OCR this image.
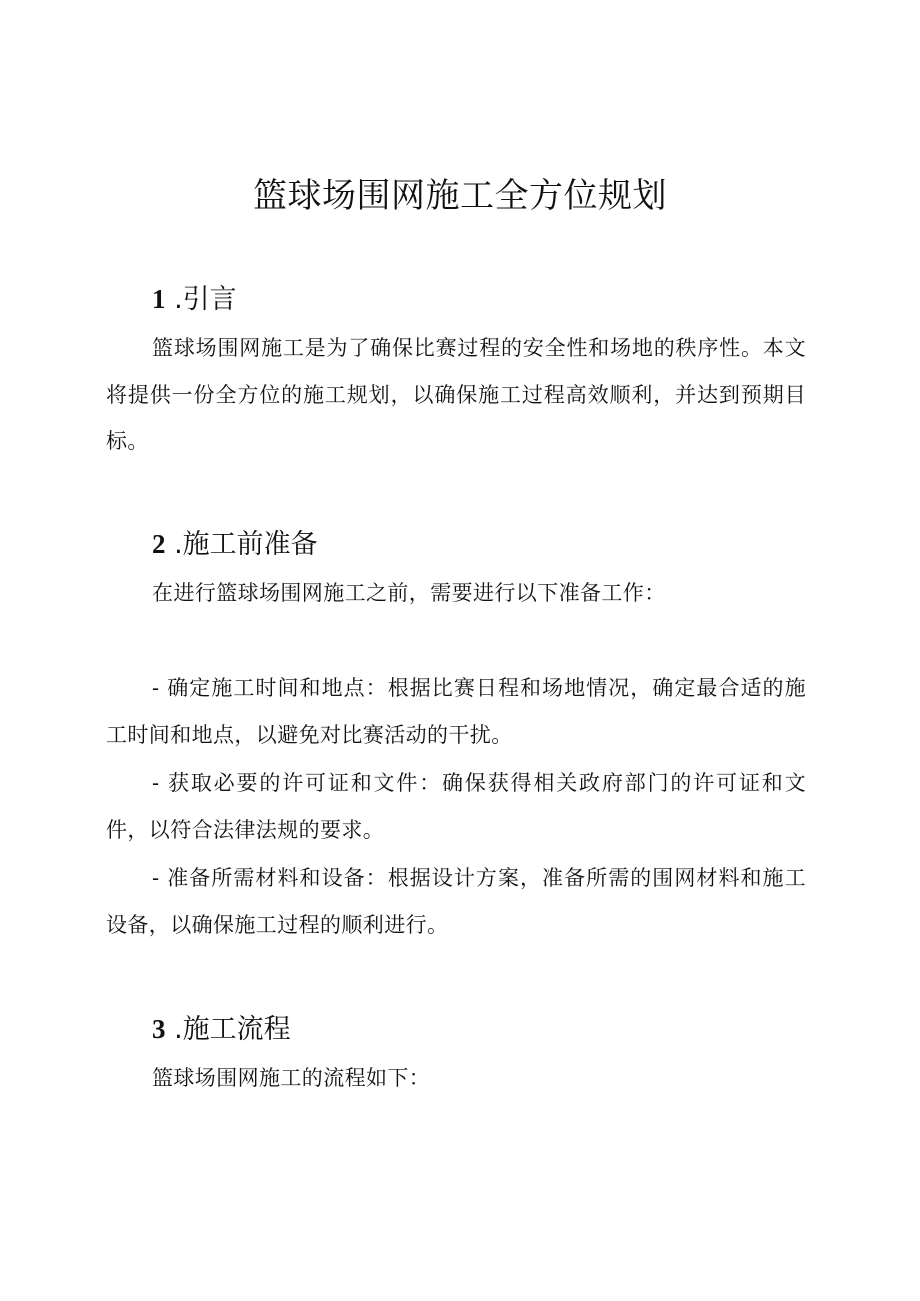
篮球场围网施工全方位规划
1 .引言

篮球场围网施工是为了确保比赛过程的安全性和场地的秩序性。本文将提供一份全方位的施工规划，以确保施工过程高效顺利，并达到预期目标。

2 .施工前准备

在进行篮球场围网施工之前，需要进行以下准备工作：

- 确定施工时间和地点：根据比赛日程和场地情况，确定最合适的施工时间和地点，以避免对比赛活动的干扰。

- 获取必要的许可证和文件：确保获得相关政府部门的许可证和文件，以符合法律法规的要求。

- 准备所需材料和设备：根据设计方案，准备所需的围网材料和施工设备，以确保施工过程的顺利进行。

3 .施工流程

篮球场围网施工的流程如下：
